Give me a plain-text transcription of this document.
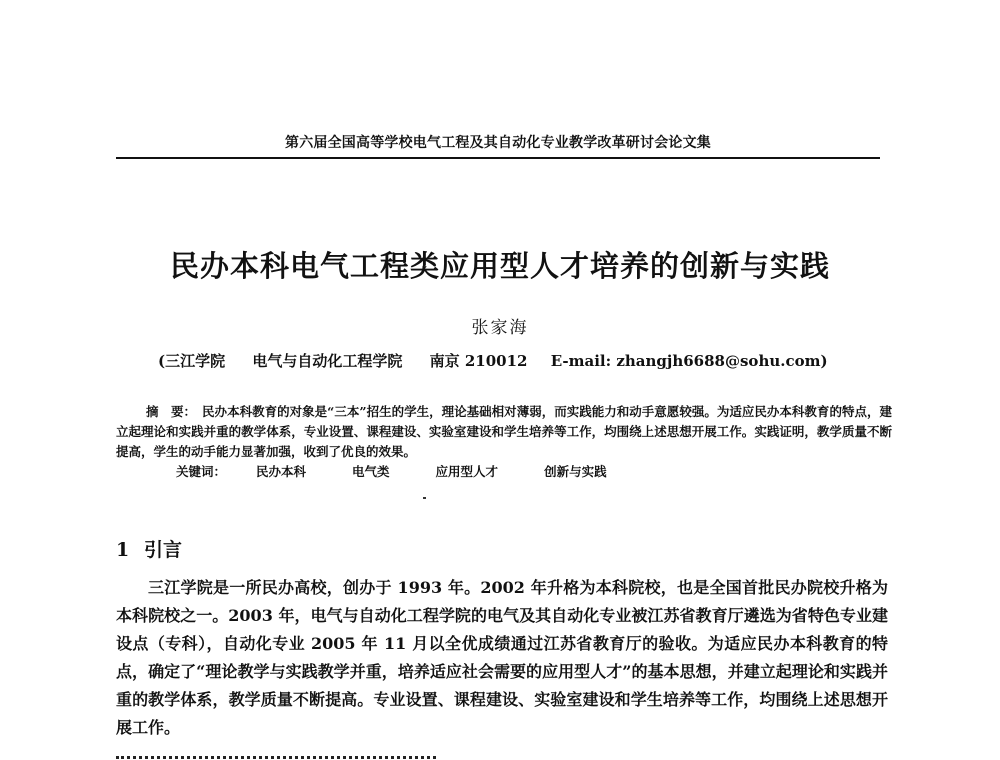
第六届全国高等学校电气工程及其自动化专业教学改革研讨会论文集
民办本科电气工程类应用型人才培养的创新与实践
张家海
(三江学院 电气与自动化工程学院 南京 210012 E-mail: zhangjh6688@sohu.com)

摘　要： 民办本科教育的对象是“三本”招生的学生，理论基础相对薄弱，而实践能力和动手意愿较强。为适应民办本科教育的特点，建立起理论和实践并重的教学体系，专业设置、课程建设、实验室建设和学生培养等工作，均围绕上述思想开展工作。实践证明，教学质量不断提高，学生的动手能力显著加强，收到了优良的效果。

关键词： 民办本科	电气类	应用型人才	创新与实践

1 引言

三江学院是一所民办高校，创办于 1993 年。2002 年升格为本科院校，也是全国首批民办院校升格为本科院校之一。2003 年，电气与自动化工程学院的电气及其自动化专业被江苏省教育厅遴选为省特色专业建设点（专科），自动化专业 2005 年 11 月以全优成绩通过江苏省教育厅的验收。为适应民办本科教育的特点，确定了“理论教学与实践教学并重，培养适应社会需要的应用型人才”的基本思想，并建立起理论和实践并重的教学体系，教学质量不断提高。专业设置、课程建设、实验室建设和学生培养等工作，均围绕上述思想开展工作。
